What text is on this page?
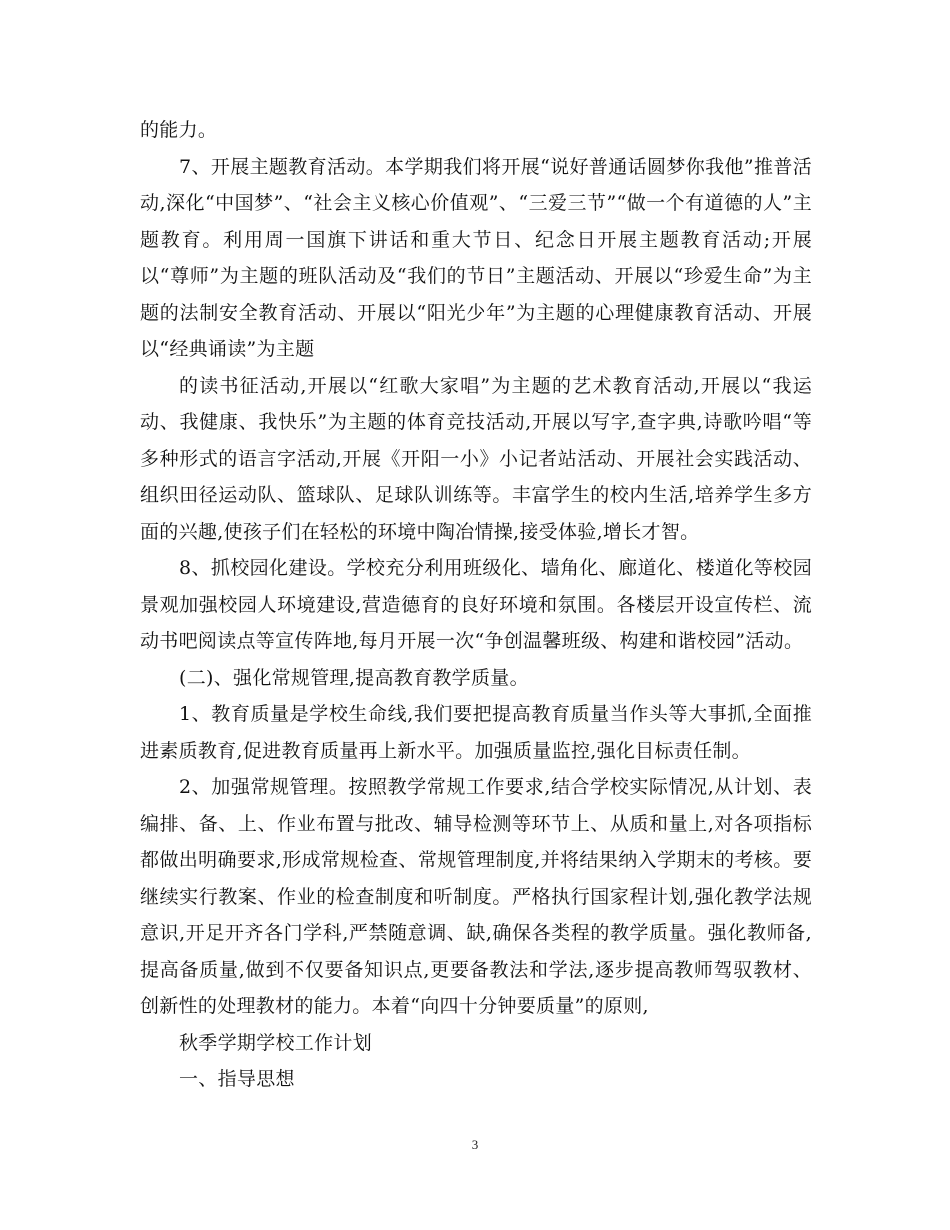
的能力。

7、开展主题教育活动。本学期我们将开展“说好普通话圆梦你我他”推普活动,深化“中国梦”、“社会主义核心价值观”、“三爱三节”“做一个有道德的人”主题教育。利用周一国旗下讲话和重大节日、纪念日开展主题教育活动;开展以“尊师”为主题的班队活动及“我们的节日”主题活动、开展以“珍爱生命”为主题的法制安全教育活动、开展以“阳光少年”为主题的心理健康教育活动、开展以“经典诵读”为主题

的读书征活动,开展以“红歌大家唱”为主题的艺术教育活动,开展以“我运动、我健康、我快乐”为主题的体育竞技活动,开展以写字,查字典,诗歌吟唱“等多种形式的语言字活动,开展《开阳一小》小记者站活动、开展社会实践活动、组织田径运动队、篮球队、足球队训练等。丰富学生的校内生活,培养学生多方面的兴趣,使孩子们在轻松的环境中陶冶情操,接受体验,增长才智。

8、抓校园化建设。学校充分利用班级化、墙角化、廊道化、楼道化等校园景观加强校园人环境建设,营造德育的良好环境和氛围。各楼层开设宣传栏、流动书吧阅读点等宣传阵地,每月开展一次“争创温馨班级、构建和谐校园”活动。

(二)、强化常规管理,提高教育教学质量。

1、教育质量是学校生命线,我们要把提高教育质量当作头等大事抓,全面推进素质教育,促进教育质量再上新水平。加强质量监控,强化目标责任制。

2、加强常规管理。按照教学常规工作要求,结合学校实际情况,从计划、表编排、备、上、作业布置与批改、辅导检测等环节上、从质和量上,对各项指标都做出明确要求,形成常规检查、常规管理制度,并将结果纳入学期末的考核。要继续实行教案、作业的检查制度和听制度。严格执行国家程计划,强化教学法规意识,开足开齐各门学科,严禁随意调、缺,确保各类程的教学质量。强化教师备,提高备质量,做到不仅要备知识点,更要备教法和学法,逐步提高教师驾驭教材、创新性的处理教材的能力。本着“向四十分钟要质量”的原则,

秋季学期学校工作计划

一、指导思想

3
